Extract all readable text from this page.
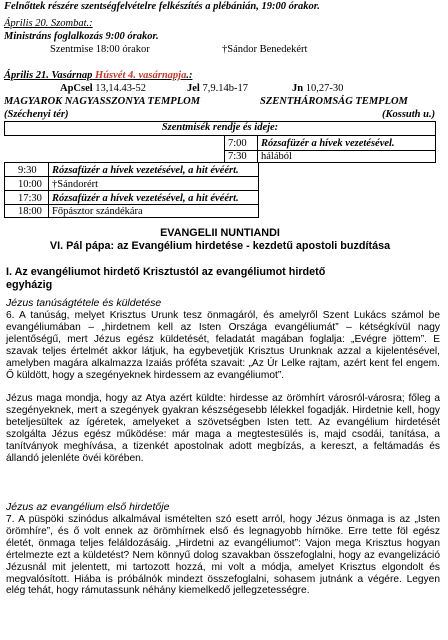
Felnőttek részére szentségfelvételre felkészítés a plébánián, 19:00 órakor.
Április 20. Szombat.:
Ministráns foglalkozás 9:00 órakor.
Szentmise 18:00 órakor	†Sándor Benedekért
Április 21. Vasárnap Húsvét 4. vasárnapja.:
ApCsel 13,14.43-52	Jel 7,9.14b-17	Jn 10,27-30
MAGYAROK NAGYASSZONYA TEMPLOM	SZENTHÁROMSÁG TEMPLOM
(Széchenyi tér)	(Kossuth u.)
Szentmisék rendje és ideje:
7:00 Rózsafüzér a hívek vezetésével.
7:30 hálából
9:30 Rózsafüzér a hívek vezetésével, a hit évéért.
10:00 †Sándorért
17:30 Rózsafüzér a hívek vezetésével, a hit évéért.
18:00 Főpásztor szándékára
EVANGELII NUNTIANDI
VI. Pál pápa: az Evangélium hirdetése - kezdetű apostoli buzdítása
I. Az evangéliumot hirdető Krisztustól az evangéliumot hirdető
egyházig
Jézus tanúságtétele és küldetése
6. A tanúság, melyet Krisztus Urunk tesz önmagáról, és amelyről Szent Lukács számol be evangéliumában – „hirdetnem kell az Isten Országa evangéliumát” – kétségkívül nagy jelentőségű, mert Jézus egész küldetését, feladatát magában foglalja: „Evégre jöttem”. E szavak teljes értelmét akkor látjuk, ha egybevetjük Krisztus Urunknak azzal a kijelentésével, amelyben magára alkalmazza Izaiás próféta szavait: „Az Úr Lelke rajtam, azért kent fel engem. Ő küldött, hogy a szegényeknek hirdessem az evangéliumot”.
Jézus maga mondja, hogy az Atya azért küldte: hirdesse az örömhírt városról-városra; főleg a szegényeknek, mert a szegények gyakran készségesebb lélekkel fogadják. Hirdetnie kell, hogy beteljesültek az ígéretek, amelyeket a szövetségben Isten tett. Az evangélium hirdetését szolgálta Jézus egész működése: már maga a megtestesülés is, majd csodái, tanítása, a tanítványok meghívása, a tizenkét apostolnak adott megbízás, a kereszt, a feltámadás és állandó jelenléte övéi körében.
Jézus az evangélium első hirdetője
7. A püspöki szinódus alkalmával ismételten szó esett arról, hogy Jézus önmaga is az „Isten örömhíre”, és ő volt ennek az örömhírnek első és legnagyobb hírnöke. Erre tette föl egész életét, önmaga teljes feláldozásáig. „Hirdetni az evangéliumot”: Vajon mega Krisztus hogyan értelmezte ezt a küldetést? Nem könnyű dolog szavakban összefoglalni, hogy az evangelizáció Jézusnál mit jelentett, mi tartozott hozzá, mi volt a módja, amelyet Krisztus elgondolt és megvalósított. Hiába is próbálnók mindezt összefoglalni, sohasem jutnánk a végére. Legyen elég tehát, hogy rámutassunk néhány kiemelkedő jellegzetességre.
